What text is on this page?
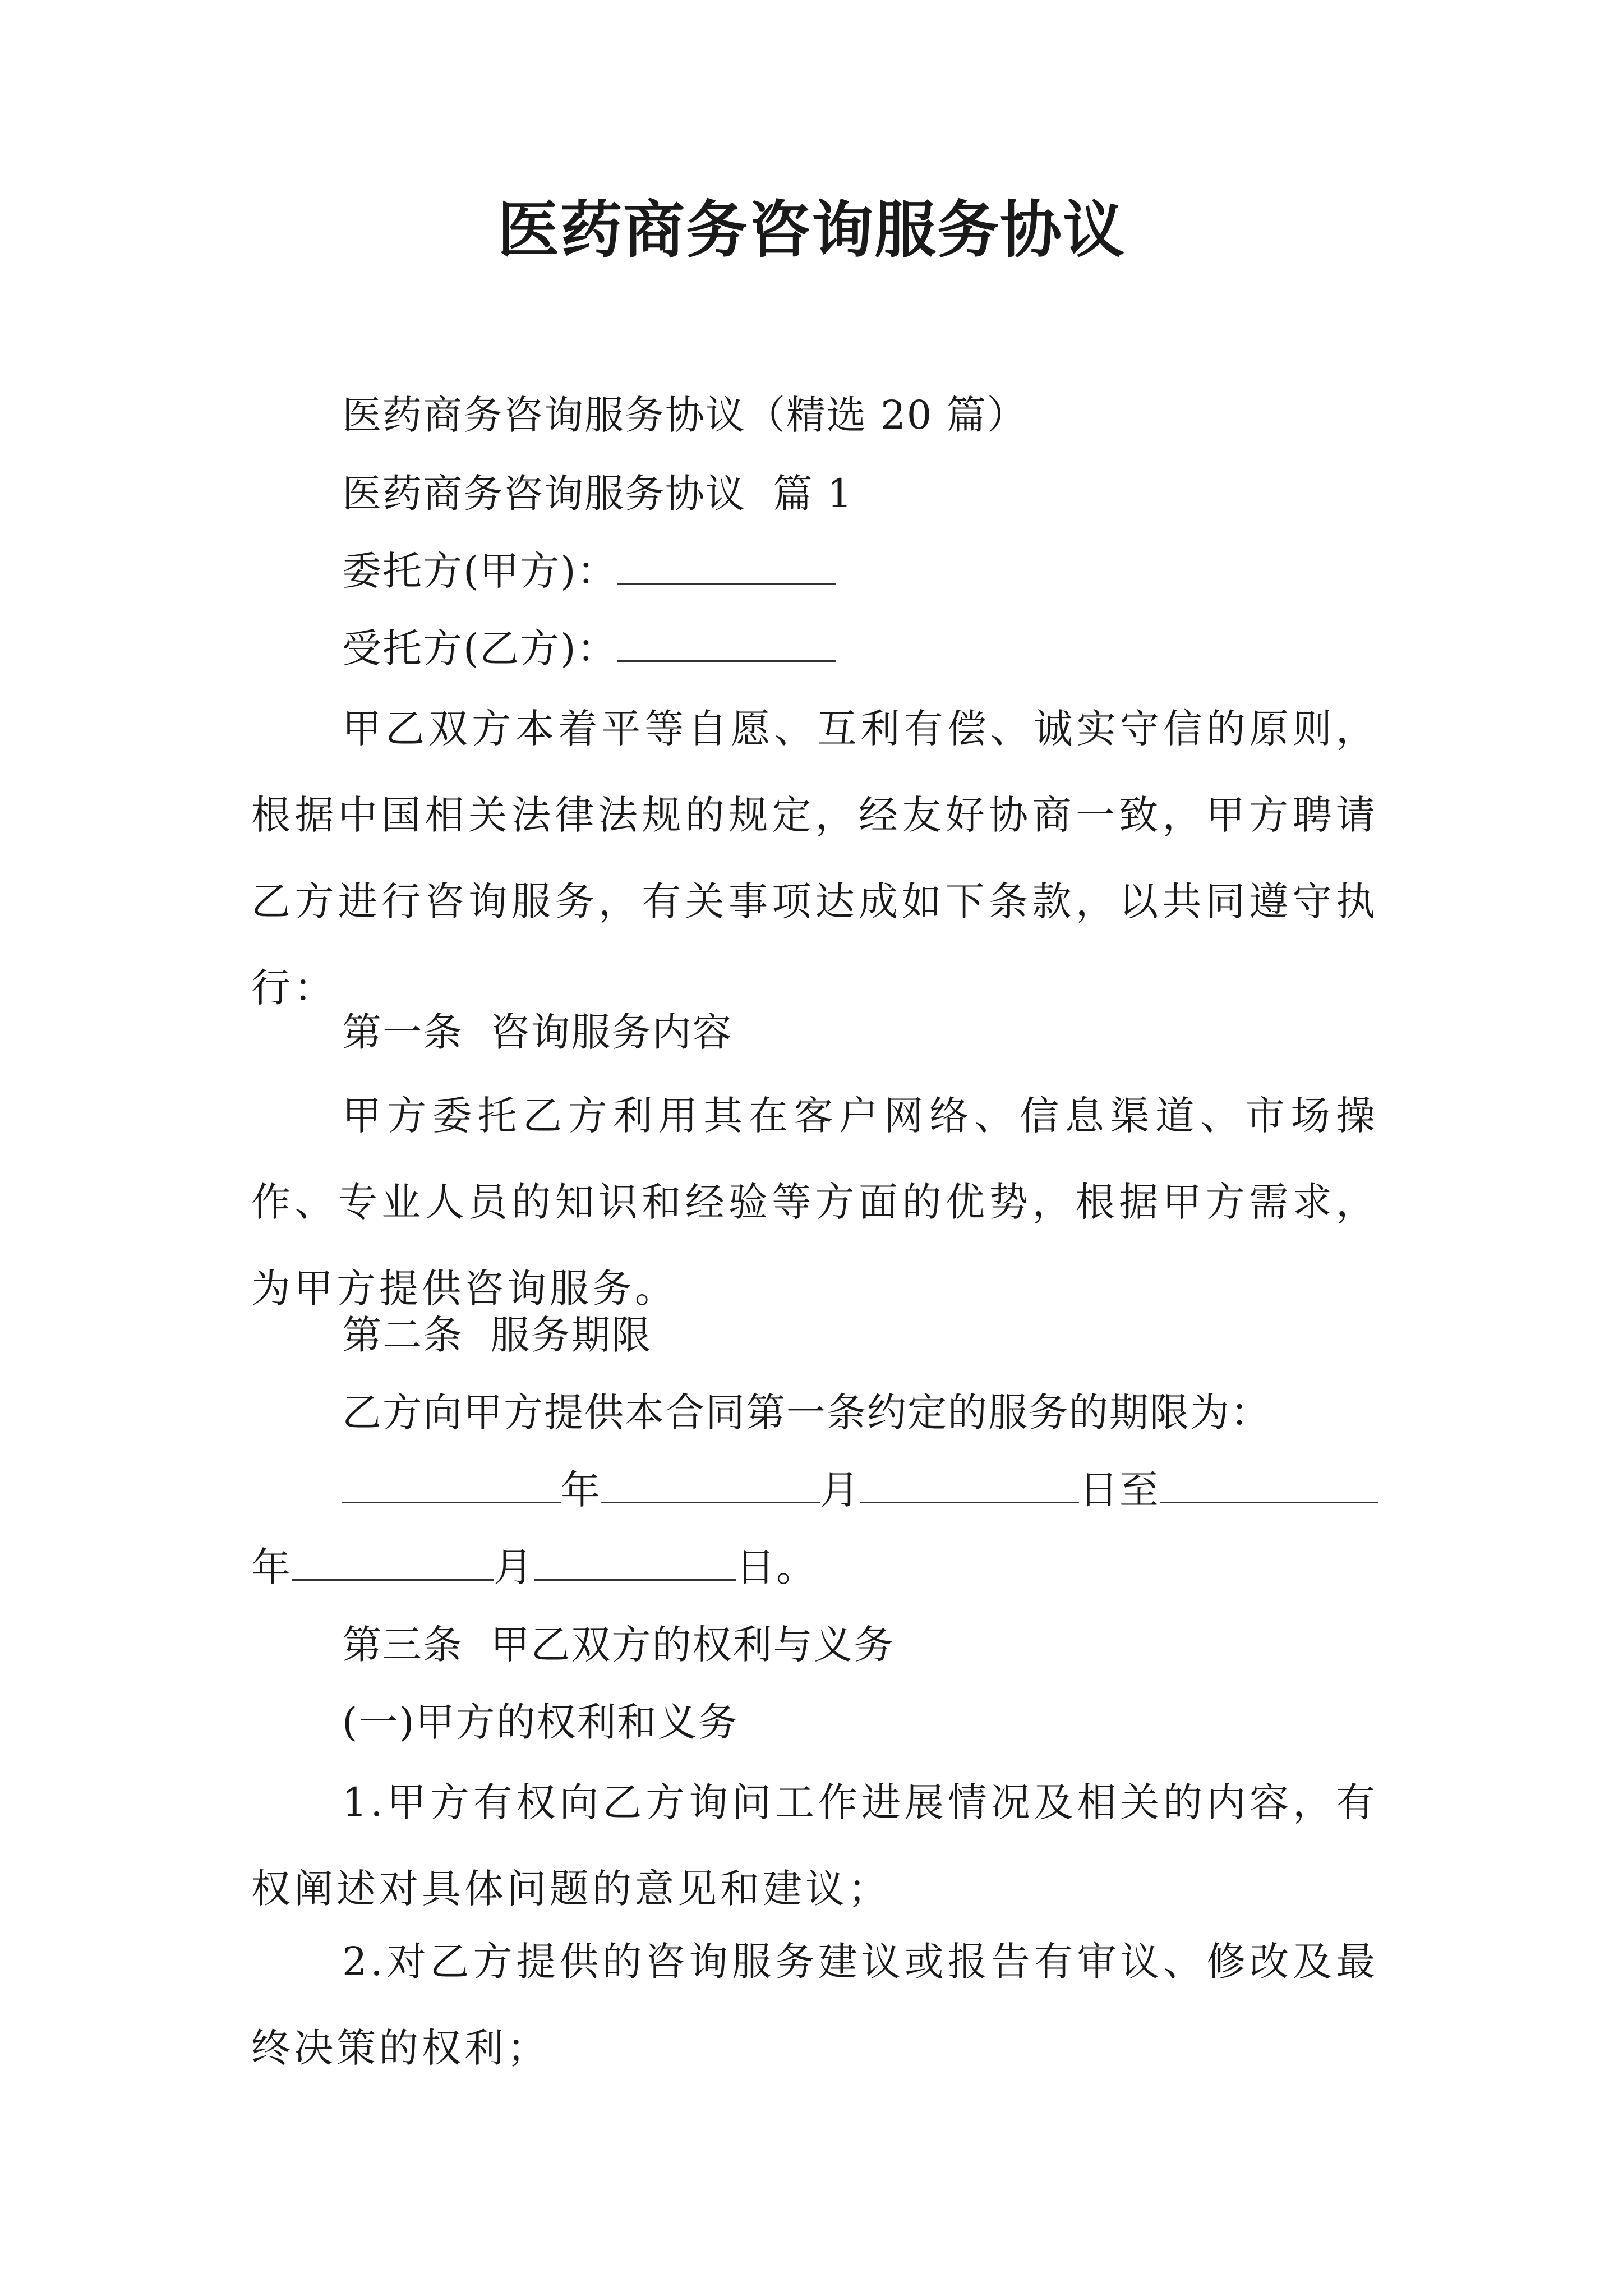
医药商务咨询服务协议
医药商务咨询服务协议（精选 20 篇）
医药商务咨询服务协议  篇 1
委托方(甲方)：
受托方(乙方)：
甲乙双方本着平等自愿、互利有偿、诚实守信的原则，根据中国相关法律法规的规定，经友好协商一致，甲方聘请乙方进行咨询服务，有关事项达成如下条款，以共同遵守执行：
第一条  咨询服务内容
甲方委托乙方利用其在客户网络、信息渠道、市场操作、专业人员的知识和经验等方面的优势，根据甲方需求，为甲方提供咨询服务。
第二条  服务期限
乙方向甲方提供本合同第一条约定的服务的期限为：
年	月	日至
年	月	日。
第三条  甲乙双方的权利与义务
(一)甲方的权利和义务
1.甲方有权向乙方询问工作进展情况及相关的内容，有权阐述对具体问题的意见和建议；
2.对乙方提供的咨询服务建议或报告有审议、修改及最终决策的权利；
